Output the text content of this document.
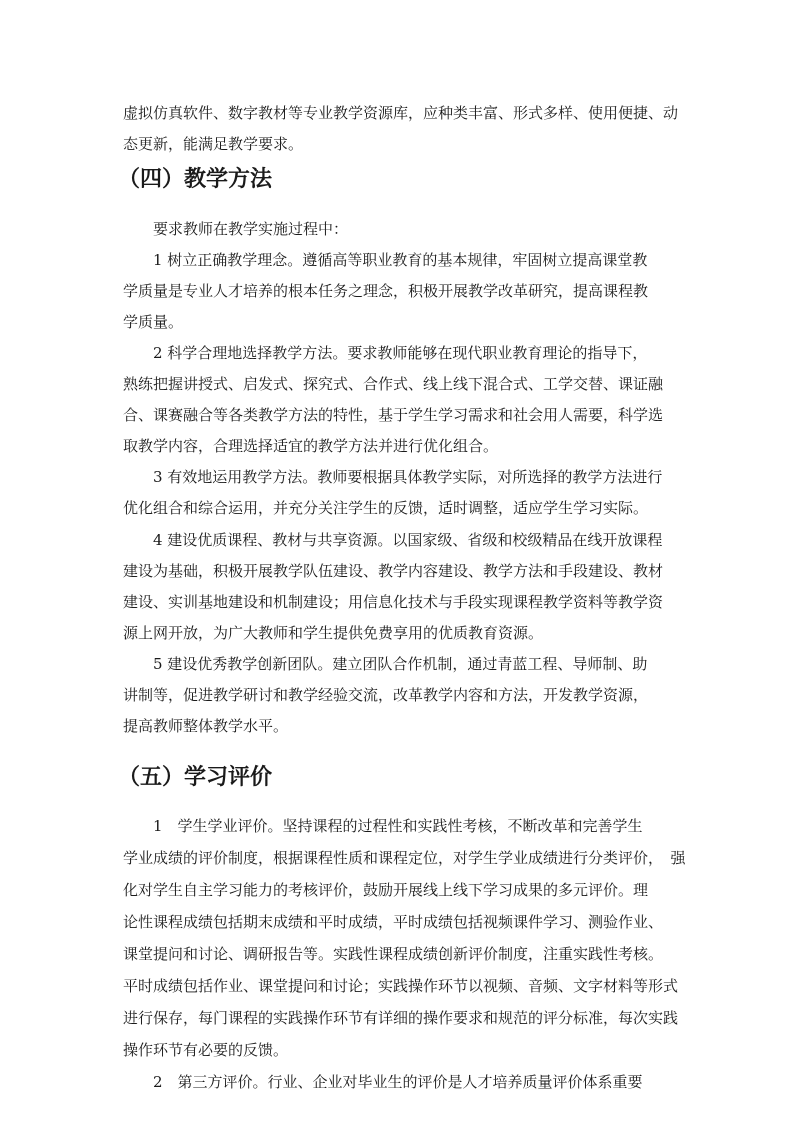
虚拟仿真软件、数字教材等专业教学资源库，应种类丰富、形式多样、使用便捷、动
态更新，能满足教学要求。
（四）教学方法
要求教师在教学实施过程中：
1 树立正确教学理念。遵循高等职业教育的基本规律，牢固树立提高课堂教
学质量是专业人才培养的根本任务之理念，积极开展教学改革研究，提高课程教
学质量。
2 科学合理地选择教学方法。要求教师能够在现代职业教育理论的指导下，
熟练把握讲授式、启发式、探究式、合作式、线上线下混合式、工学交替、课证融
合、课赛融合等各类教学方法的特性，基于学生学习需求和社会用人需要，科学选
取教学内容，合理选择适宜的教学方法并进行优化组合。
3 有效地运用教学方法。教师要根据具体教学实际，对所选择的教学方法进行
优化组合和综合运用，并充分关注学生的反馈，适时调整，适应学生学习实际。
4 建设优质课程、教材与共享资源。以国家级、省级和校级精品在线开放课程
建设为基础，积极开展教学队伍建设、教学内容建设、教学方法和手段建设、教材
建设、实训基地建设和机制建设；用信息化技术与手段实现课程教学资料等教学资
源上网开放，为广大教师和学生提供免费享用的优质教育资源。
5 建设优秀教学创新团队。建立团队合作机制，通过青蓝工程、导师制、助
讲制等，促进教学研讨和教学经验交流，改革教学内容和方法，开发教学资源，
提高教师整体教学水平。
（五）学习评价
1　学生学业评价。坚持课程的过程性和实践性考核，不断改革和完善学生
学业成绩的评价制度，根据课程性质和课程定位，对学生学业成绩进行分类评价，　强
化对学生自主学习能力的考核评价，鼓励开展线上线下学习成果的多元评价。理
论性课程成绩包括期末成绩和平时成绩，平时成绩包括视频课件学习、测验作业、
课堂提问和讨论、调研报告等。实践性课程成绩创新评价制度，注重实践性考核。
平时成绩包括作业、课堂提问和讨论；实践操作环节以视频、音频、文字材料等形式
进行保存，每门课程的实践操作环节有详细的操作要求和规范的评分标准，每次实践
操作环节有必要的反馈。
2　第三方评价。行业、企业对毕业生的评价是人才培养质量评价体系重要
